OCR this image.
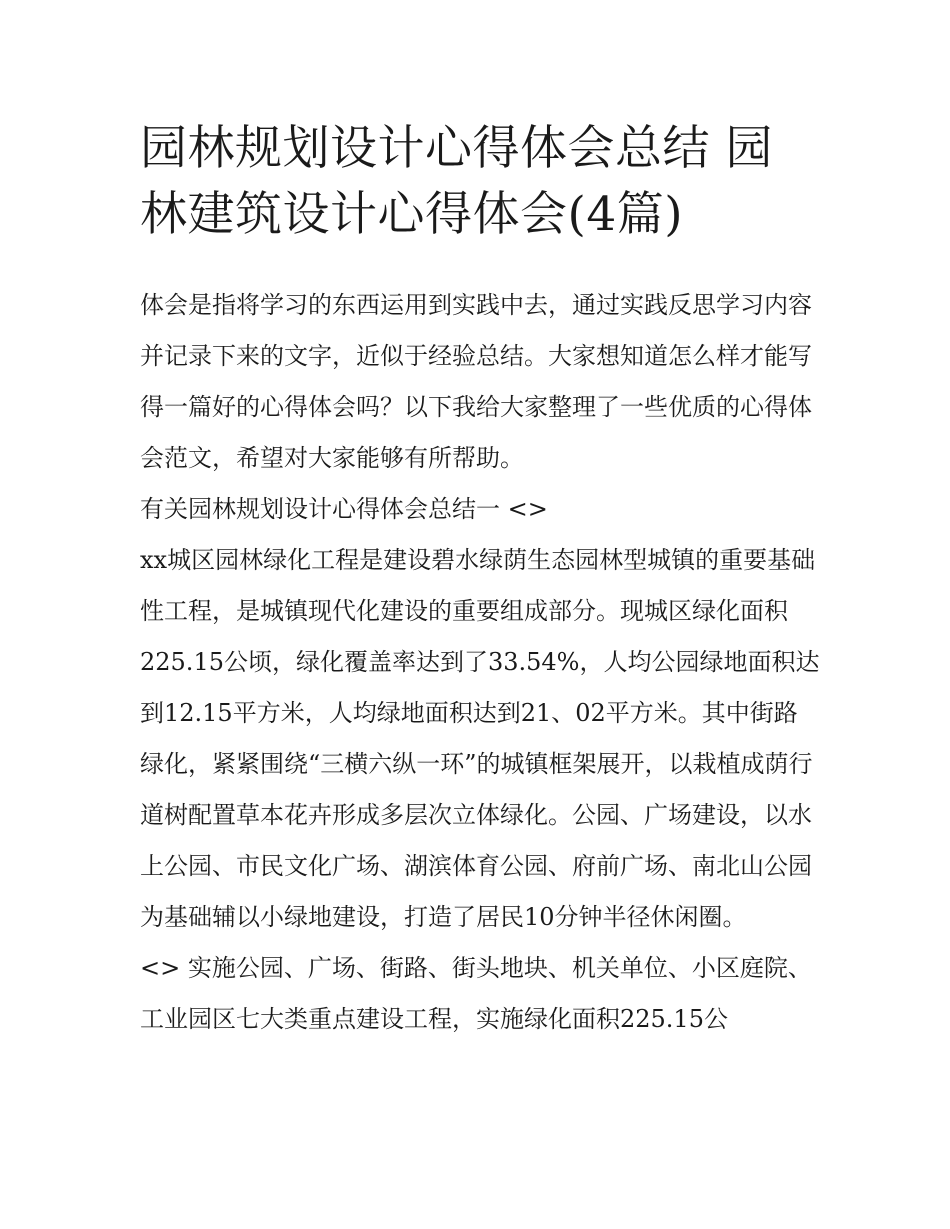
园林规划设计心得体会总结 园林建筑设计心得体会(4篇)

体会是指将学习的东西运用到实践中去，通过实践反思学习内容并记录下来的文字，近似于经验总结。大家想知道怎么样才能写得一篇好的心得体会吗？以下我给大家整理了一些优质的心得体会范文，希望对大家能够有所帮助。

有关园林规划设计心得体会总结一 <>

xx城区园林绿化工程是建设碧水绿荫生态园林型城镇的重要基础性工程，是城镇现代化建设的重要组成部分。现城区绿化面积225.15公顷，绿化覆盖率达到了33.54%，人均公园绿地面积达到12.15平方米，人均绿地面积达到21、02平方米。其中街路绿化，紧紧围绕“三横六纵一环”的城镇框架展开，以栽植成荫行道树配置草本花卉形成多层次立体绿化。公园、广场建设，以水上公园、市民文化广场、湖滨体育公园、府前广场、南北山公园为基础辅以小绿地建设，打造了居民10分钟半径休闲圈。

<> 实施公园、广场、街路、街头地块、机关单位、小区庭院、工业园区七大类重点建设工程，实施绿化面积225.15公
